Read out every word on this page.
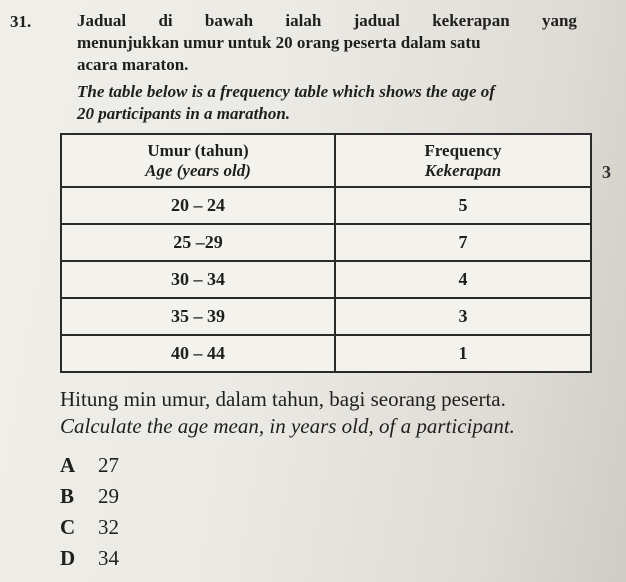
31.	Jadual di bawah ialah jadual kekerapan yang
menunjukkan umur untuk 20 orang peserta dalam satu
acara maraton.
The table below is a frequency table which shows the age of
20 participants in a marathon.
Umur (tahun)
Age (years old)	Frequency
Kekerapan

20 – 24	5
25 –29	7
30 – 34	4
35 – 39	3
40 – 44	1
3
Hitung min umur, dalam tahun, bagi seorang peserta.
Calculate the age mean, in years old, of a participant.
A	27
B	29
C	32
D	34
